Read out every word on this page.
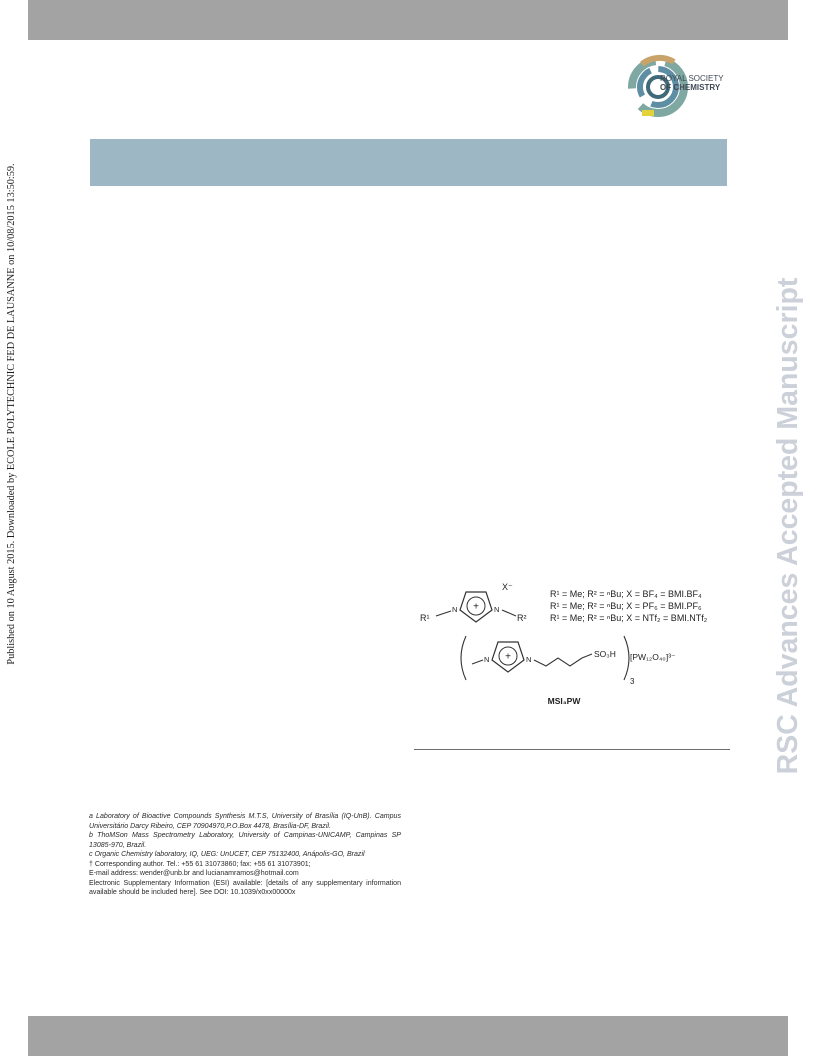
ROYAL SOCIETY
OF CHEMISTRY
Published on 10 August 2015. Downloaded by ECOLE POLYTECHNIC FED DE LAUSANNE on 10/08/2015 13:50:59.	RSC Advances Accepted Manuscript
+
N	N
R¹	R²
X⁻
R¹ = Me; R² = ⁿBu; X = BF₄ = BMI.BF₄
R¹ = Me; R² = ⁿBu; X = PF₆ = BMI.PF₆
R¹ = Me; R² = ⁿBu; X = NTf₂ = BMI.NTf₂
+
N	N
SO₃H
3
[PW₁₂O₄₀]³⁻
MSI₃PW

a Laboratory of Bioactive Compounds Synthesis M.T.S, University of Brasília (IQ-UnB). Campus Universitário Darcy Ribeiro, CEP 70904970,P.O.Box 4478, Brasília-DF, Brazil.

b ThoMSon Mass Spectrometry Laboratory, University of Campinas-UNICAMP, Campinas SP 13085-970, Brazil.

c Organic Chemistry laboratory, IQ, UEG: UnUCET, CEP 75132400, Anápolis-GO, Brazil

† Corresponding author. Tel.: +55 61 31073860; fax: +55 61 31073901;

E-mail address: wender@unb.br and lucianamramos@hotmail.com

Electronic Supplementary Information (ESI) available: [details of any supplementary information available should be included here]. See DOI: 10.1039/x0xx00000x
